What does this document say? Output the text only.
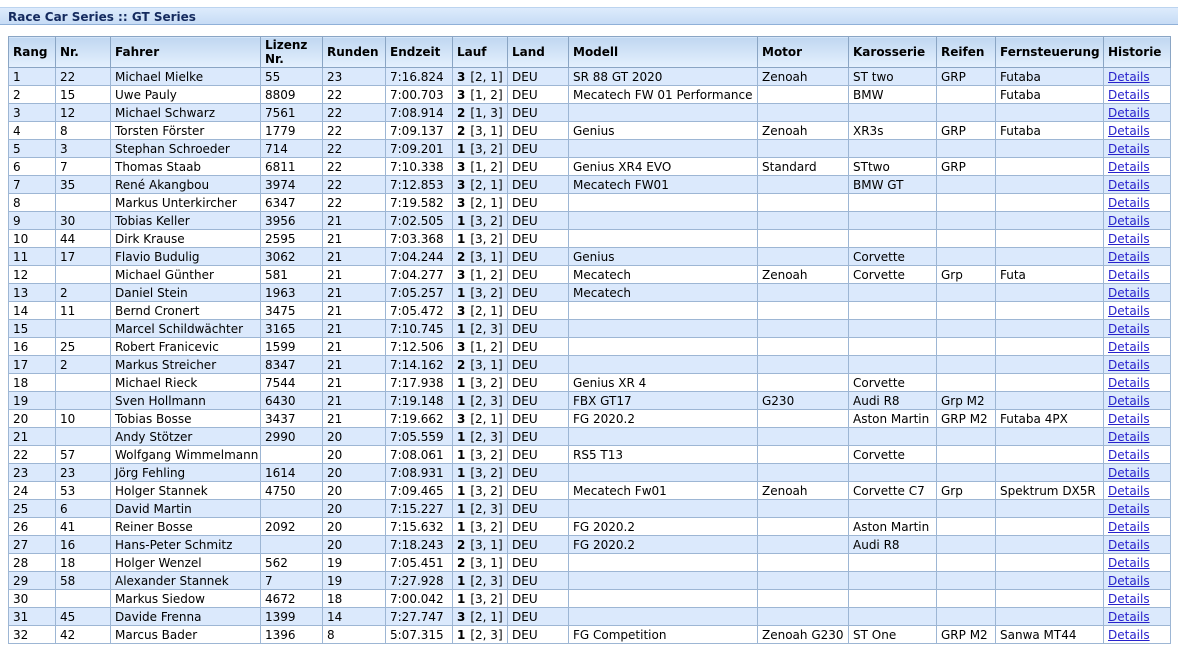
Race Car Series :: GT Series
Rang	Nr.	Fahrer	Lizenz Nr.	Runden	Endzeit	Lauf	Land	Modell	Motor	Karosserie	Reifen	Fernsteuerung	Historie
1	22	Michael Mielke	55	23	7:16.824	3 [2, 1]	DEU	SR 88 GT 2020	Zenoah	ST two	GRP	Futaba	Details
2	15	Uwe Pauly	8809	22	7:00.703	3 [1, 2]	DEU	Mecatech FW 01 Performance		BMW		Futaba	Details
3	12	Michael Schwarz	7561	22	7:08.914	2 [1, 3]	DEU						Details
4	8	Torsten Förster	1779	22	7:09.137	2 [3, 1]	DEU	Genius	Zenoah	XR3s	GRP	Futaba	Details
5	3	Stephan Schroeder	714	22	7:09.201	1 [3, 2]	DEU						Details
6	7	Thomas Staab	6811	22	7:10.338	3 [1, 2]	DEU	Genius XR4 EVO	Standard	STtwo	GRP		Details
7	35	René Akangbou	3974	22	7:12.853	3 [2, 1]	DEU	Mecatech FW01		BMW GT			Details
8		Markus Unterkircher	6347	22	7:19.582	3 [2, 1]	DEU						Details
9	30	Tobias Keller	3956	21	7:02.505	1 [3, 2]	DEU						Details
10	44	Dirk Krause	2595	21	7:03.368	1 [3, 2]	DEU						Details
11	17	Flavio Budulig	3062	21	7:04.244	2 [3, 1]	DEU	Genius		Corvette			Details
12		Michael Günther	581	21	7:04.277	3 [1, 2]	DEU	Mecatech	Zenoah	Corvette	Grp	Futa	Details
13	2	Daniel Stein	1963	21	7:05.257	1 [3, 2]	DEU	Mecatech					Details
14	11	Bernd Cronert	3475	21	7:05.472	3 [2, 1]	DEU						Details
15		Marcel Schildwächter	3165	21	7:10.745	1 [2, 3]	DEU						Details
16	25	Robert Franicevic	1599	21	7:12.506	3 [1, 2]	DEU						Details
17	2	Markus Streicher	8347	21	7:14.162	2 [3, 1]	DEU						Details
18		Michael Rieck	7544	21	7:17.938	1 [3, 2]	DEU	Genius XR 4		Corvette			Details
19		Sven Hollmann	6430	21	7:19.148	1 [2, 3]	DEU	FBX GT17	G230	Audi R8	Grp M2		Details
20	10	Tobias Bosse	3437	21	7:19.662	3 [2, 1]	DEU	FG 2020.2		Aston Martin	GRP M2	Futaba 4PX	Details
21		Andy Stötzer	2990	20	7:05.559	1 [2, 3]	DEU						Details
22	57	Wolfgang Wimmelmann		20	7:08.061	1 [3, 2]	DEU	RS5 T13		Corvette			Details
23	23	Jörg Fehling	1614	20	7:08.931	1 [3, 2]	DEU						Details
24	53	Holger Stannek	4750	20	7:09.465	1 [3, 2]	DEU	Mecatech Fw01	Zenoah	Corvette C7	Grp	Spektrum DX5R	Details
25	6	David Martin		20	7:15.227	1 [2, 3]	DEU						Details
26	41	Reiner Bosse	2092	20	7:15.632	1 [3, 2]	DEU	FG 2020.2		Aston Martin			Details
27	16	Hans-Peter Schmitz		20	7:18.243	2 [3, 1]	DEU	FG 2020.2		Audi R8			Details
28	18	Holger Wenzel	562	19	7:05.451	2 [3, 1]	DEU						Details
29	58	Alexander Stannek	7	19	7:27.928	1 [2, 3]	DEU						Details
30		Markus Siedow	4672	18	7:00.042	1 [3, 2]	DEU						Details
31	45	Davide Frenna	1399	14	7:27.747	3 [2, 1]	DEU						Details
32	42	Marcus Bader	1396	8	5:07.315	1 [2, 3]	DEU	FG Competition	Zenoah G230	ST One	GRP M2	Sanwa MT44	Details
